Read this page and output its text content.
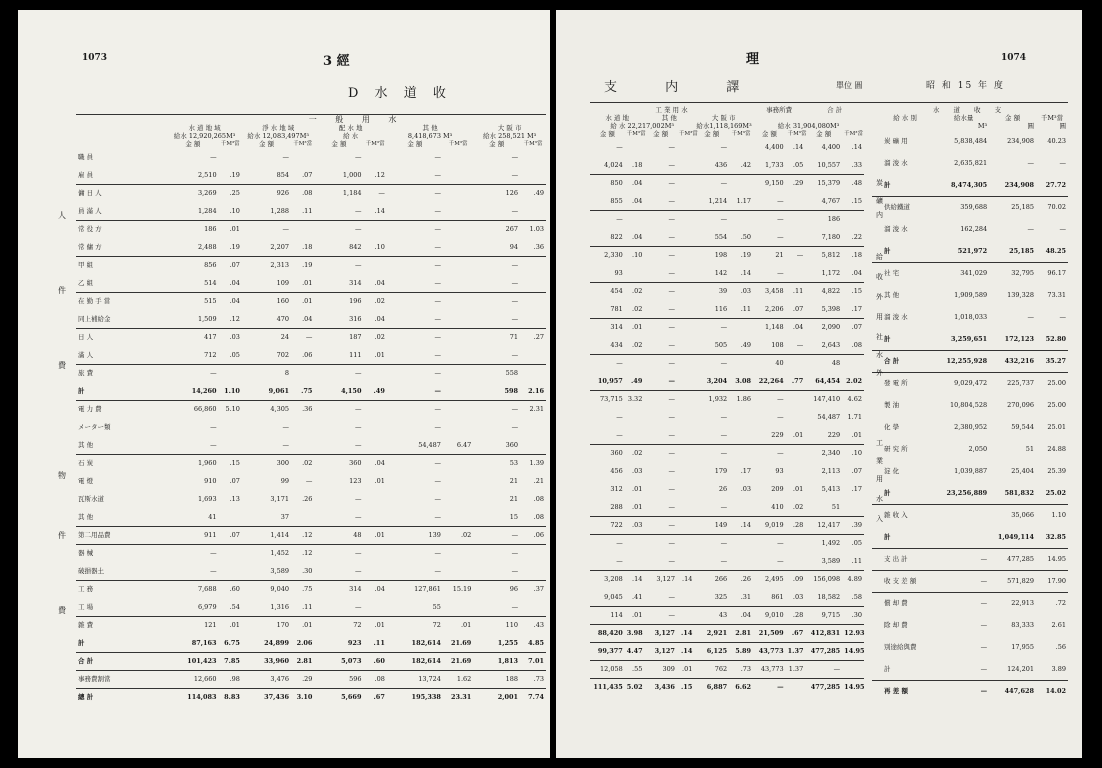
1073	3 經
D 水 道 收
	一 般 用 水									
	水 道 地 域		淨 水 地 域		配 水 地		其 他		大 阪 市	
	給水 12,920,265M³		給水 12,083,497M³		給 水		8,418,673 M³		給水 258,521 M³	
	金 額	千M³當	金 額	千M³當	金 額	千M³當	金 額	千M³當	金 額	千M³當
職 員	—		—		—		—		—	
雇 員	2,510	.19	854	.07	1,000	.12	—		—	
傭 日 人	3,269	.25	926	.08	1,184	—	—		126	.49
員 滿 人	1,284	.10	1,288	.11	—	.14	—		—	
常 役 方	186	.01	—		—		—		267	1.03
常 傭 方	2,488	.19	2,207	.18	842	.10	—		94	.36
甲 組	856	.07	2,313	.19	—		—		—	
乙 組	514	.04	109	.01	314	.04	—		—	
在 勤 手 當	515	.04	160	.01	196	.02	—		—	
同上補給金	1,509	.12	470	.04	316	.04	—		—	
日 人	417	.03	24	—	187	.02	—		71	.27
滿 人	712	.05	702	.06	111	.01	—		—	
旅 費	—		8		—		—		558	
計	14,260	1.10	9,061	.75	4,150	.49	—		598	2.16
電 力 費	66,860	5.10	4,305	.36	—		—		—	2.31
メーター類	—		—		—		—		—	
其 他	—		—		—		54,487	6.47	360	
石 炭	1,960	.15	300	.02	360	.04	—		53	1.39
電 燈	910	.07	99	—	123	.01	—		21	.21
瓦斯水道	1,693	.13	3,171	.26	—		—		21	.08
其 他	41		37		—		—		15	.08
第二用品費	911	.07	1,414	.12	48	.01	139	.02	—	.06
器 械	—		1,452	.12	—		—		—	
破損器土	—		3,589	.30	—		—		—	
工 務	7,688	.60	9,040	.75	314	.04	127,861	15.19	96	.37
工 場	6,979	.54	1,316	.11	—		55		—	
雜 費	121	.01	170	.01	72	.01	72	.01	110	.43
計	87,163	6.75	24,899	2.06	923	.11	182,614	21.69	1,255	4.85
合 計	101,423	7.85	33,960	2.81	5,073	.60	182,614	21.69	1,813	7.01
事務費割當	12,660	.98	3,476	.29	596	.08	13,724	1.62	188	.73
總 計	114,083	8.83	37,436	3.10	5,669	.67	195,338	23.31	2,001	7.74
人
件
費
物
件
費
理	1074
支 内 譯	單位 圓	昭 和 15 年 度
工 業 用 水						事務所費		合 計	
水 道 地		其 他		大 阪 市					
給 水 22,217,002M³				給水1,118,169M³		給水 31,904,080M³			
金 額	千M³當	金 額	千M³當	金 額	千M³當	金 額	千M³當	金 額	千M³當
—		—		—		4,400	.14	4,400	.14
4,024	.18	—		436	.42	1,733	.05	10,557	.33
850	.04	—		—		9,150	.29	15,379	.48
855	.04	—		1,214	1.17	—		4,767	.15
—		—		—		—		186	
822	.04	—		554	.50	—		7,180	.22
2,330	.10	—		198	.19	21	—	5,812	.18
93		—		142	.14	—		1,172	.04
454	.02	—		39	.03	3,458	.11	4,822	.15
781	.02	—		116	.11	2,206	.07	5,398	.17
314	.01	—		—		1,148	.04	2,090	.07
434	.02	—		505	.49	108	—	2,643	.08
—		—		—		40		48	
10,957	.49	—		3,204	3.08	22,264	.77	64,454	2.02
73,715	3.32	—		1,932	1.86	—		147,410	4.62
—		—		—		—		54,487	1.71
—		—		—		229	.01	229	.01
360	.02	—		—		—		2,340	.10
456	.03	—		179	.17	93		2,113	.07
312	.01	—		26	.03	209	.01	5,413	.17
288	.01	—		—		410	.02	51	
722	.03	—		149	.14	9,019	.28	12,417	.39
—		—		—		—		1,492	.05
—		—		—		—		3,589	.11
3,208	.14	3,127	.14	266	.26	2,495	.09	156,098	4.89
9,045	.41	—		325	.31	861	.03	18,582	.58
114	.01	—		43	.04	9,010	.28	9,715	.30
88,420	3.98	3,127	.14	2,921	2.81	21,509	.67	412,831	12.93
99,377	4.47	3,127	.14	6,125	5.89	43,773	1.37	477,285	14.95
12,058	.55	309	.01	762	.73	43,773	1.37	—	
111,435	5.02	3,436	.15	6,887	6.62	—		477,285	14.95
水 道 收 支			
給 水 別	給水量	金 額	千M³當
	M³	圓	圓
炭 礦 用	5,838,484	234,908	40.23
溜 浚 水	2,635,821	—	—
計	8,474,305	234,908	27.72
供給鐵道	359,688	25,185	70.02
溜 浚 水	162,284	—	—
計	521,972	25,185	48.25
社 宅	341,029	32,795	96.17
其 他	1,909,589	139,328	73.31
溜 浚 水	1,018,033	—	—
計	3,259,651	172,123	52.80
合 計	12,255,928	432,216	35.27
發 電 所	9,029,472	225,737	25.00
製 油	10,804,528	270,096	25.00
化 學	2,380,952	59,544	25.01
研 究 所	2,050	51	24.88
淀 化	1,039,887	25,404	25.39
計	23,256,889	581,832	25.02
雜 收 入		35,066	1.10
計		1,049,114	32.85
支 出 計	—	477,285	14.95
收 支 差 額	—	571,829	17.90
償 却 費	—	22,913	.72
除 却 費	—	83,333	2.61
別途給與費	—	17,955	.56
計	—	124,201	3.89
再 差 額	—	447,628	14.02
炭
礦
内
給
收
外
用
社
水
外
工
業
用
水
入
